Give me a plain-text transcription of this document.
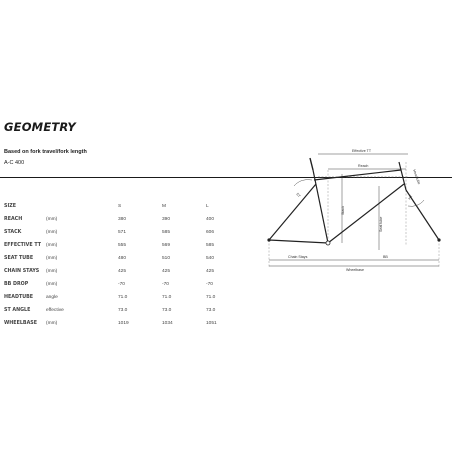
GEOMETRY
Based on fork travel/fork length
A-C 400
SIZE		S	M	L
REACH	(mm)	380	390	400
STACK	(mm)	571	585	606
EFFECTIVE TT	(mm)	555	569	585
SEAT TUBE	(mm)	480	510	540
CHAIN STAYS	(mm)	425	425	425
BB DROP	(mm)	-70	-70	-70
HEADTUBE	angle	71.0	71.0	71.0
ST ANGLE	effective	73.0	73.0	73.0
WHEELBASE	(mm)	1019	1034	1051
Effective TT
Reach
Stack
Seat tube
ST	HT
Chain Stays	BB
Wheelbase
Headtube
